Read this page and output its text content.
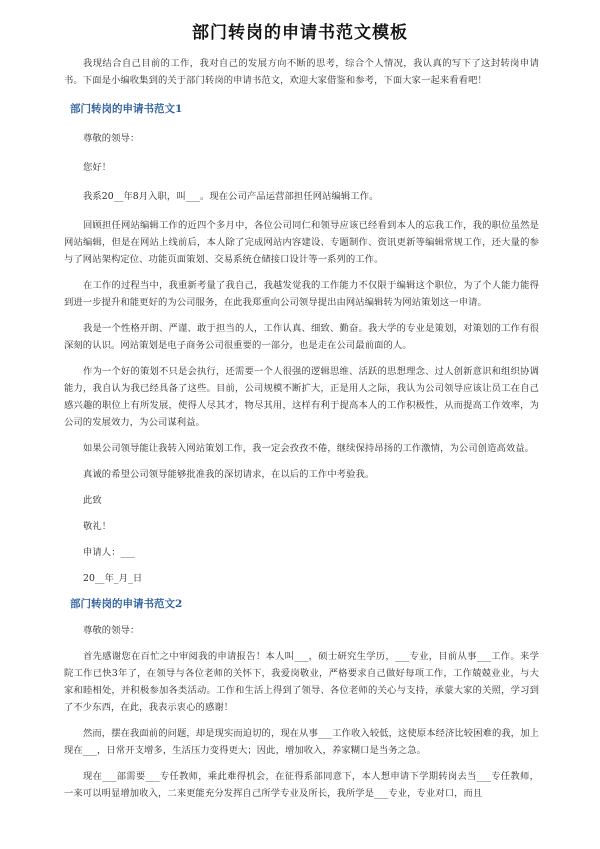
部门转岗的申请书范文模板

我现结合自己目前的工作，我对自己的发展方向不断的思考，综合个人情况，我认真的写下了这封转岗申请书。下面是小编收集到的关于部门转岗的申请书范文，欢迎大家借鉴和参考，下面大家一起来看看吧！

部门转岗的申请书范文1

尊敬的领导：

您好！

我系20__年8月入职，叫___。现在公司产品运营部担任网站编辑工作。

回顾担任网站编辑工作的近四个多月中，各位公司同仁和领导应该已经看到本人的忘我工作，我的职位虽然是网站编辑，但是在网站上线前后，本人除了完成网站内容建设、专题制作、资讯更新等编辑常规工作，还大量的参与了网站架构定位、功能页面策划、交易系统仓储接口设计等一系列的工作。

在工作的过程当中，我重新考量了我自己，我越发觉我的工作能力不仅限于编辑这个职位，为了个人能力能得到进一步提升和能更好的为公司服务，在此我郑重向公司领导提出由网站编辑转为网站策划这一申请。

我是一个性格开朗、严谨、敢于担当的人，工作认真、细致、勤奋。我大学的专业是策划，对策划的工作有很深刻的认识。网站策划是电子商务公司很重要的一部分，也是走在公司最前面的人。

作为一个好的策划不只是会执行，还需要一个人很强的逻辑思维、活跃的思想理念、过人创新意识和组织协调能力，我自认为我已经具备了这些。目前，公司规模不断扩大，正是用人之际，我认为公司领导应该让员工在自己感兴趣的职位上有所发展，使得人尽其才，物尽其用，这样有利于提高本人的工作积极性，从而提高工作效率，为公司的发展效力，为公司谋利益。

如果公司领导能让我转入网站策划工作，我一定会孜孜不倦，继续保持昂扬的工作激情，为公司创造高效益。

真诚的希望公司领导能够批准我的深切请求，在以后的工作中考验我。

此致

敬礼！

申请人：___

20__年_月_日

部门转岗的申请书范文2

尊敬的领导：

首先感谢您在百忙之中审阅我的申请报告！本人叫___，硕士研究生学历，___专业，目前从事___工作。来学院工作已快3年了，在领导与各位老师的关怀下，我爱岗敬业，严格要求自己做好每项工作，工作兢兢业业，与大家和睦相处，并积极参加各类活动。工作和生活上得到了领导、各位老师的关心与支持，承蒙大家的关照，学习到了不少东西，在此，我表示衷心的感谢！

然而，摆在我面前的问题，却是现实而迫切的，现在从事___工作收入较低，这使原本经济比较困难的我，加上现在___，日常开支增多，生活压力变得更大；因此，增加收入，养家糊口是当务之急。

现在___部需要___专任教师，乘此难得机会，在征得系部同意下，本人想申请下学期转岗去当___专任教师，一来可以明显增加收入，二来更能充分发挥自己所学专业及所长，我所学是___专业，专业对口，而且
